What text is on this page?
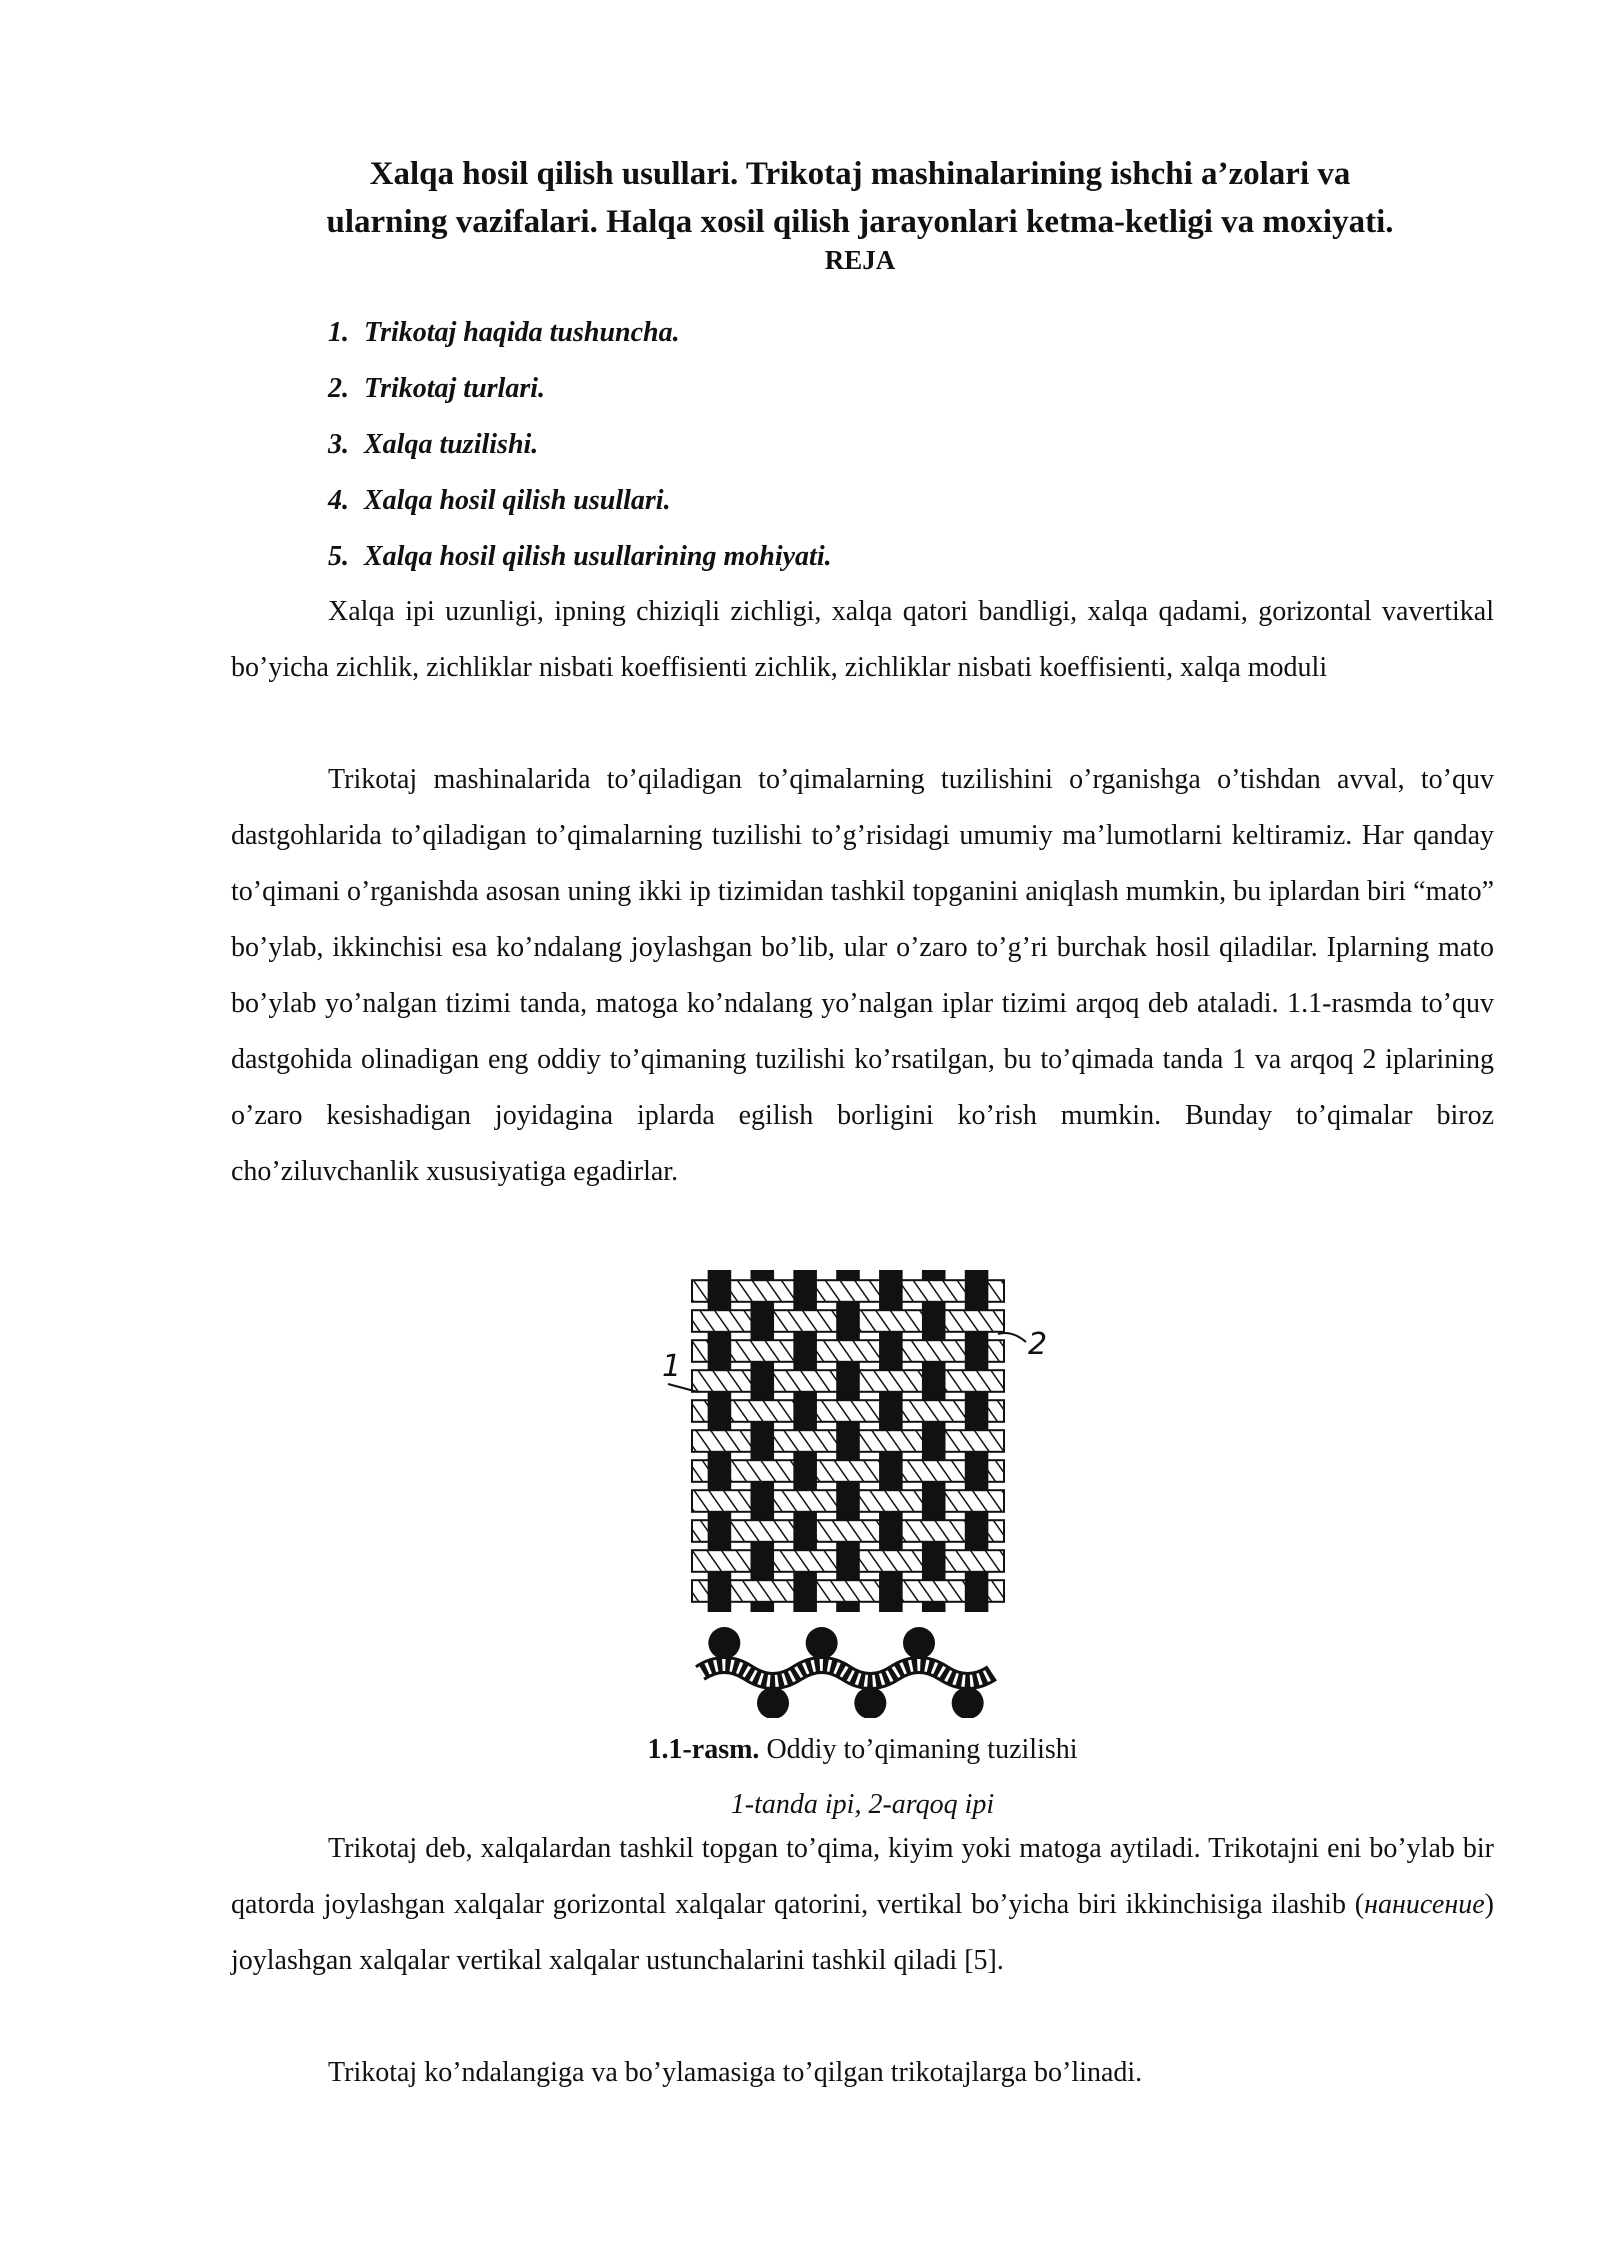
Xalqa hosil qilish usullari. Trikotaj mashinalarining ishchi a’zolari va
ularning vazifalari. Halqa xosil qilish jarayonlari ketma-ketligi va moxiyati.
REJA
1. Trikotaj haqida tushuncha.
2. Trikotaj turlari.
3. Xalqa tuzilishi.
4. Xalqa hosil qilish usullari.
5. Xalqa hosil qilish usullarining mohiyati.

Xalqa ipi uzunligi, ipning chiziqli zichligi, xalqa qatori bandligi, xalqa qadami, gorizontal vavertikal bo’yicha zichlik, zichliklar nisbati koeffisienti zichlik, zichliklar nisbati koeffisienti, xalqa moduli

Trikotaj mashinalarida to’qiladigan to’qimalarning tuzilishini o’rganishga o’tishdan avval, to’quv dastgohlarida to’qiladigan to’qimalarning tuzilishi to’g’risidagi umumiy ma’lumotlarni keltiramiz. Har qanday to’qimani o’rganishda asosan uning ikki ip tizimidan tashkil topganini aniqlash mumkin, bu iplardan biri “mato” bo’ylab, ikkinchisi esa ko’ndalang joylashgan bo’lib, ular o’zaro to’g’ri burchak hosil qiladilar. Iplarning mato bo’ylab yo’nalgan tizimi tanda, matoga ko’ndalang yo’nalgan iplar tizimi arqoq deb ataladi. 1.1-rasmda to’quv dastgohida olinadigan eng oddiy to’qimaning tuzilishi ko’rsatilgan, bu to’qimada tanda 1 va arqoq 2 iplarining o’zaro kesishadigan joyidagina iplarda egilish borligini ko’rish mumkin. Bunday to’qimalar biroz cho’ziluvchanlik xususiyatiga egadirlar.

1
2
1.1-rasm. Oddiy to’qimaning tuzilishi
1-tanda ipi, 2-arqoq ipi

Trikotaj deb, xalqalardan tashkil topgan to’qima, kiyim yoki matoga aytiladi. Trikotajni eni bo’ylab bir qatorda joylashgan xalqalar gorizontal xalqalar qatorini, vertikal bo’yicha biri ikkinchisiga ilashib (нанисение) joylashgan xalqalar vertikal xalqalar ustunchalarini tashkil qiladi [5].

Trikotaj ko’ndalangiga va bo’ylamasiga to’qilgan trikotajlarga bo’linadi.
